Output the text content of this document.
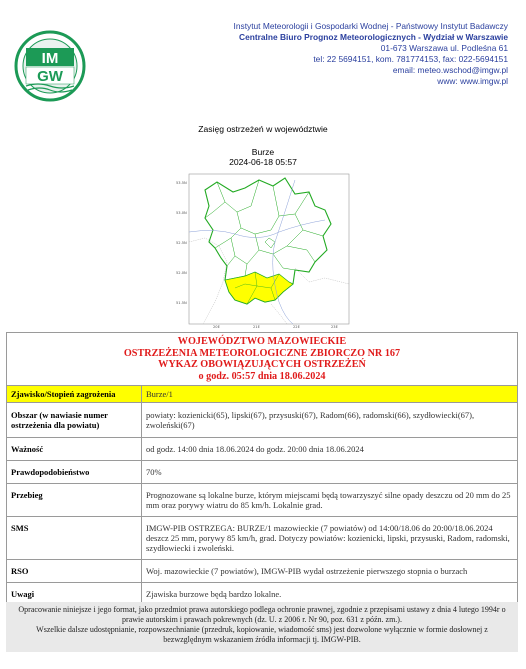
IM
GW
Instytut Meteorologii i Gospodarki Wodnej - Państwowy Instytut Badawczy
Centralne Biuro Prognoz Meteorologicznych - Wydział w Warszawie
01-673 Warszawa ul. Podleśna 61
tel: 22 5694151, kom. 781774153, fax: 022-5694151
email: meteo.wschod@imgw.pl
www: www.imgw.pl
Zasięg ostrzeżeń w województwie
Burze
2024-06-18 05:57
53.5N
53.0N
52.5N
52.0N
51.5N
20E	21E	22E	23E
WOJEWÓDZTWO MAZOWIECKIE
OSTRZEŻENIA METEOROLOGICZNE ZBIORCZO NR 167
WYKAZ OBOWIĄZUJĄCYCH OSTRZEŻEŃ
o godz. 05:57 dnia 18.06.2024	

Zjawisko/Stopień zagrożenia	Burze/1
Obszar (w nawiasie numer ostrzeżenia dla powiatu)	powiaty: kozienicki(65), lipski(67), przysuski(67), Radom(66), radomski(66), szydłowiecki(67), zwoleński(67)
Ważność	od godz. 14:00 dnia 18.06.2024 do godz. 20:00 dnia 18.06.2024
Prawdopodobieństwo	70%
Przebieg	Prognozowane są lokalne burze, którym miejscami będą towarzyszyć silne opady deszczu od 20 mm do 25 mm oraz porywy wiatru do 85 km/h. Lokalnie grad.
SMS	IMGW-PIB OSTRZEGA: BURZE/1 mazowieckie (7 powiatów) od 14:00/18.06 do 20:00/18.06.2024 deszcz 25 mm, porywy 85 km/h, grad. Dotyczy powiatów: kozienicki, lipski, przysuski, Radom, radomski, szydłowiecki i zwoleński.
RSO	Woj. mazowieckie (7 powiatów), IMGW-PIB wydał ostrzeżenie pierwszego stopnia o burzach
Uwagi	Zjawiska burzowe będą bardzo lokalne.
Opracowanie niniejsze i jego format, jako przedmiot prawa autorskiego podlega ochronie prawnej, zgodnie z przepisami ustawy z dnia 4 lutego 1994r o prawie autorskim i prawach pokrewnych (dz. U. z 2006 r. Nr 90, poz. 631 z późn. zm.).
Wszelkie dalsze udostępnianie, rozpowszechnianie (przedruk, kopiowanie, wiadomość sms) jest dozwolone wyłącznie w formie dosłownej z bezwzględnym wskazaniem źródła informacji tj. IMGW-PIB.
